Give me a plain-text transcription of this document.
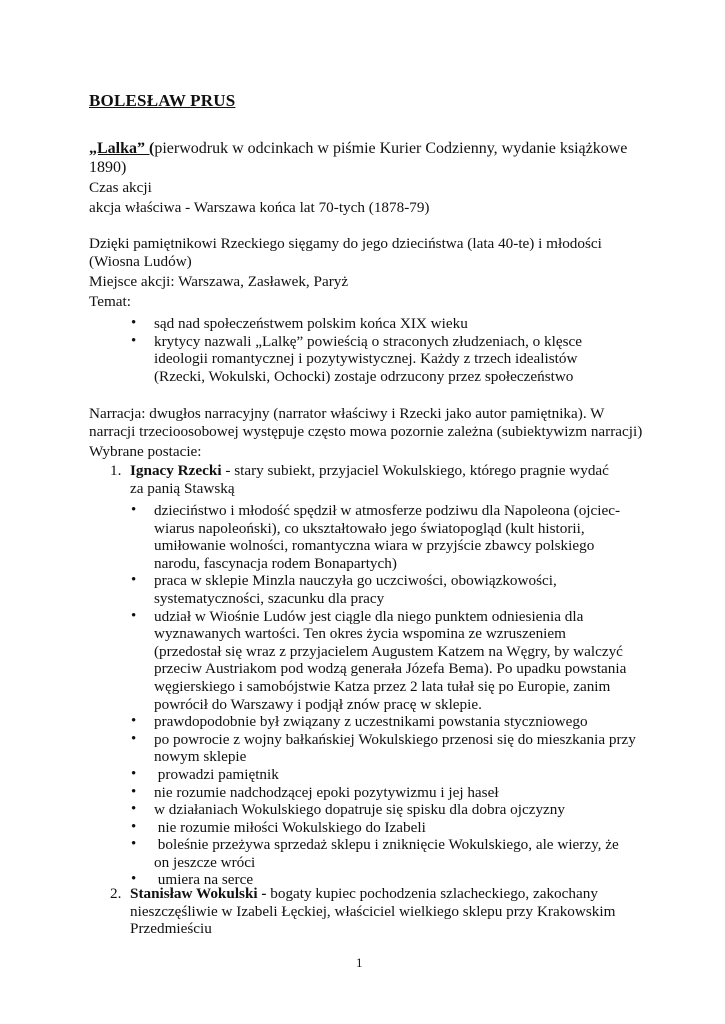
BOLESŁAW PRUS
„Lalka” (pierwodruk w odcinkach w piśmie Kurier Codzienny, wydanie książkowe 1890)
Czas akcji
akcja właściwa - Warszawa końca lat 70-tych (1878-79)
Dzięki pamiętnikowi Rzeckiego sięgamy do jego dzieciństwa (lata 40-te) i młodości (Wiosna Ludów)
Miejsce akcji: Warszawa, Zasławek, Paryż
Temat:
• sąd nad społeczeństwem polskim końca XIX wieku
• krytycy nazwali „Lalkę” powieścią o straconych złudzeniach, o klęsce ideologii romantycznej i pozytywistycznej. Każdy z trzech idealistów (Rzecki, Wokulski, Ochocki) zostaje odrzucony przez społeczeństwo
Narracja: dwugłos narracyjny (narrator właściwy i Rzecki jako autor pamiętnika). W narracji trzecioosobowej występuje często mowa pozornie zależna (subiektywizm narracji)
Wybrane postacie:
1. Ignacy Rzecki - stary subiekt, przyjaciel Wokulskiego, którego pragnie wydać za panią Stawską
• dzieciństwo i młodość spędził w atmosferze podziwu dla Napoleona (ojciec-wiarus napoleoński), co ukształtowało jego światopogląd (kult historii, umiłowanie wolności, romantyczna wiara w przyjście zbawcy polskiego narodu, fascynacja rodem Bonapartych)
• praca w sklepie Minzla nauczyła go uczciwości, obowiązkowości, systematyczności, szacunku dla pracy
• udział w Wiośnie Ludów jest ciągle dla niego punktem odniesienia dla wyznawanych wartości. Ten okres życia wspomina ze wzruszeniem (przedostał się wraz z przyjacielem Augustem Katzem na Węgry, by walczyć przeciw Austriakom pod wodzą generała Józefa Bema). Po upadku powstania węgierskiego i samobójstwie Katza przez 2 lata tułał się po Europie, zanim powrócił do Warszawy i podjął znów pracę w sklepie.
• prawdopodobnie był związany z uczestnikami powstania styczniowego
• po powrocie z wojny bałkańskiej Wokulskiego przenosi się do mieszkania przy nowym sklepie
•  prowadzi pamiętnik
• nie rozumie nadchodzącej epoki pozytywizmu i jej haseł
• w działaniach Wokulskiego dopatruje się spisku dla dobra ojczyzny
•  nie rozumie miłości Wokulskiego do Izabeli
•  boleśnie przeżywa sprzedaż sklepu i zniknięcie Wokulskiego, ale wierzy, że on jeszcze wróci
•  umiera na serce
2. Stanisław Wokulski - bogaty kupiec pochodzenia szlacheckiego, zakochany nieszczęśliwie w Izabeli Łęckiej, właściciel wielkiego sklepu przy Krakowskim Przedmieściu
1
